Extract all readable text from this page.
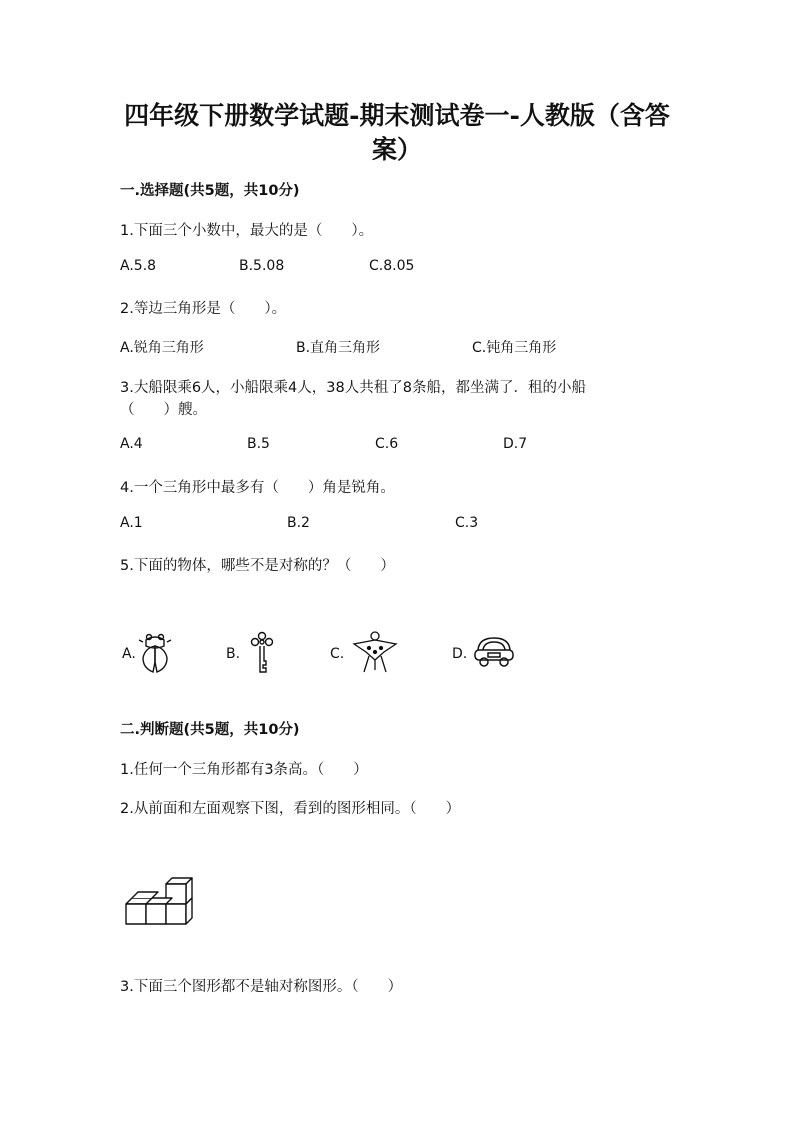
四年级下册数学试题-期末测试卷一-人教版（含答
案）
一.选择题(共5题，共10分)
1.下面三个小数中，最大的是（　　）。
A.5.8	B.5.08	C.8.05
2.等边三角形是（　　）。
A.锐角三角形	B.直角三角形	C.钝角三角形
3.大船限乘6人，小船限乘4人，38人共租了8条船，都坐满了．租的小船
（　　）艘。
A.4	B.5	C.6	D.7
4.一个三角形中最多有（　　）角是锐角。
A.1	B.2	C.3
5.下面的物体，哪些不是对称的？（　　）
A.	B.	C.	D.
二.判断题(共5题，共10分)
1.任何一个三角形都有3条高。（　　）
2.从前面和左面观察下图，看到的图形相同。（　　）
3.下面三个图形都不是轴对称图形。（　　）
